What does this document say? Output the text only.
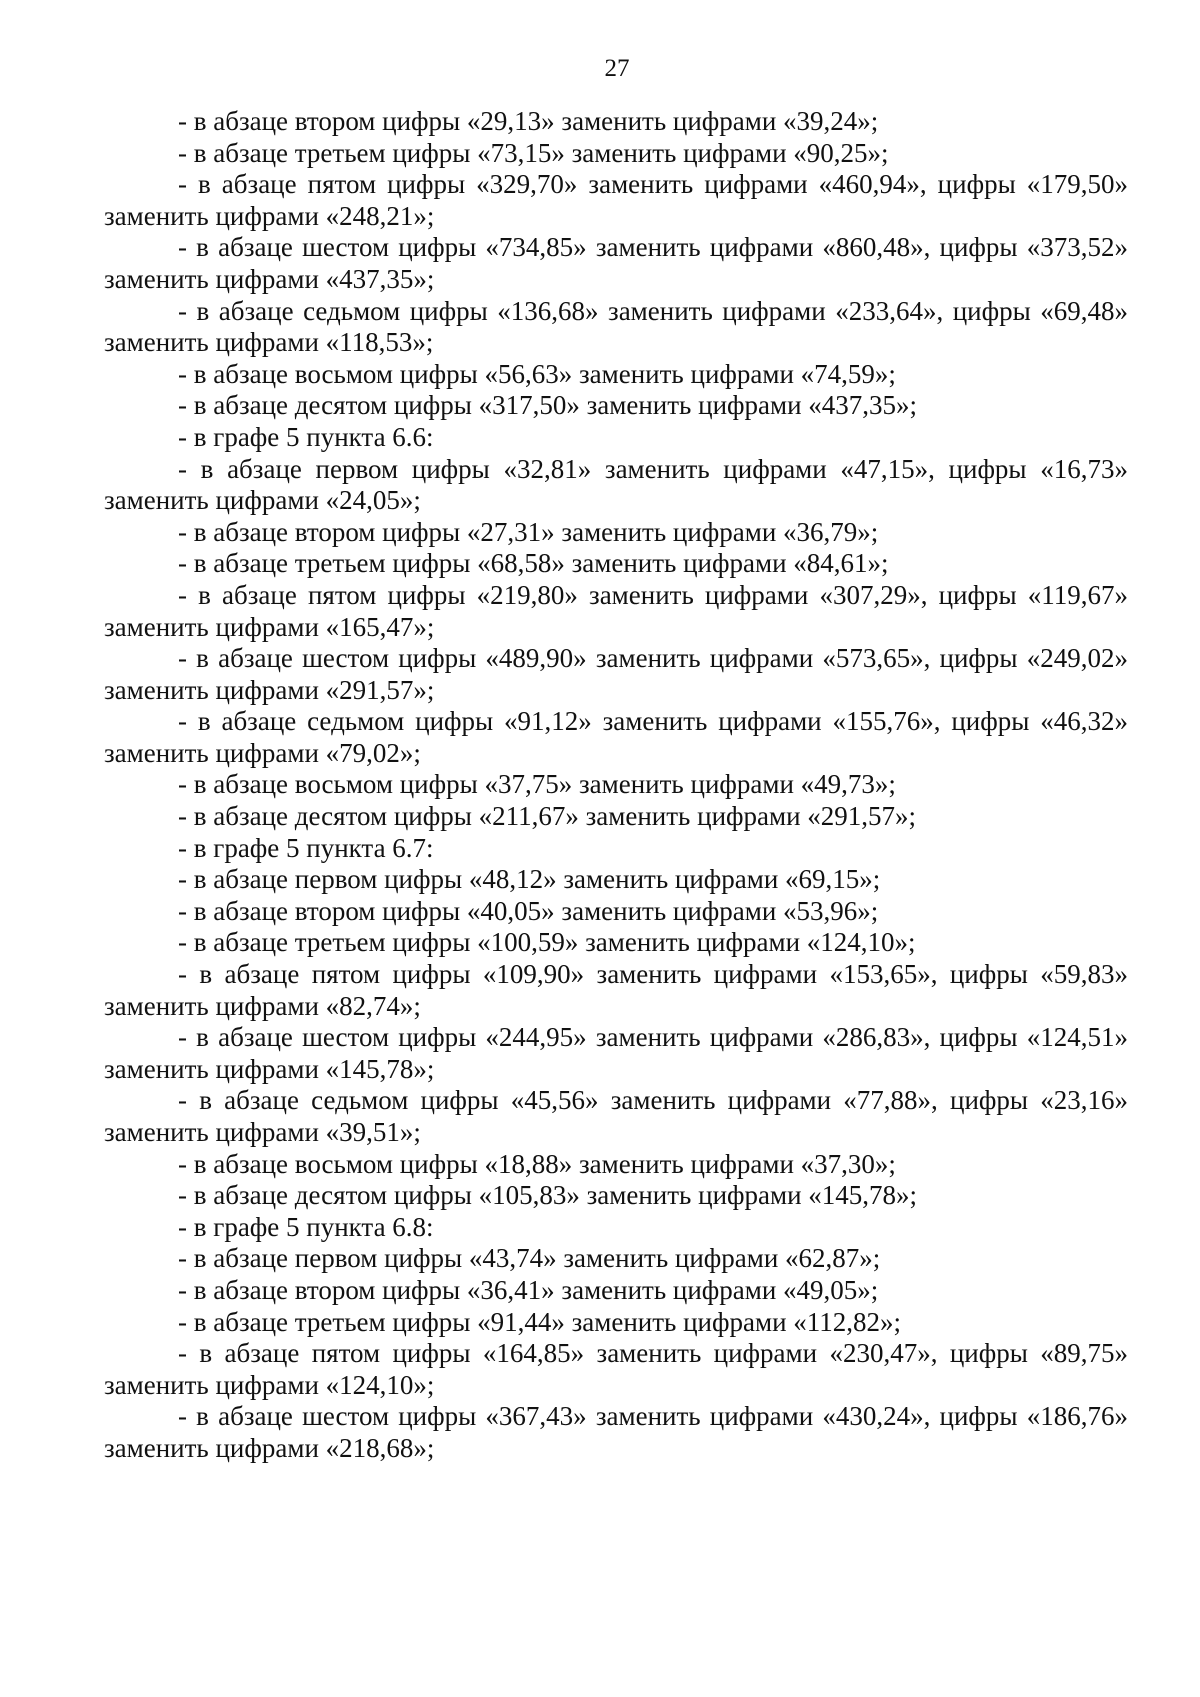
27

- в абзаце втором цифры «29,13» заменить цифрами «39,24»;

- в абзаце третьем цифры «73,15» заменить цифрами «90,25»;

- в абзаце пятом цифры «329,70» заменить цифрами «460,94», цифры «179,50» заменить цифрами «248,21»;

- в абзаце шестом цифры «734,85» заменить цифрами «860,48», цифры «373,52» заменить цифрами «437,35»;

- в абзаце седьмом цифры «136,68» заменить цифрами «233,64», цифры «69,48» заменить цифрами «118,53»;

- в абзаце восьмом цифры «56,63» заменить цифрами «74,59»;

- в абзаце десятом цифры «317,50» заменить цифрами «437,35»;

- в графе 5 пункта 6.6:

- в абзаце первом цифры «32,81» заменить цифрами «47,15», цифры «16,73» заменить цифрами «24,05»;

- в абзаце втором цифры «27,31» заменить цифрами «36,79»;

- в абзаце третьем цифры «68,58» заменить цифрами «84,61»;

- в абзаце пятом цифры «219,80» заменить цифрами «307,29», цифры «119,67» заменить цифрами «165,47»;

- в абзаце шестом цифры «489,90» заменить цифрами «573,65», цифры «249,02» заменить цифрами «291,57»;

- в абзаце седьмом цифры «91,12» заменить цифрами «155,76», цифры «46,32» заменить цифрами «79,02»;

- в абзаце восьмом цифры «37,75» заменить цифрами «49,73»;

- в абзаце десятом цифры «211,67» заменить цифрами «291,57»;

- в графе 5 пункта 6.7:

- в абзаце первом цифры «48,12» заменить цифрами «69,15»;

- в абзаце втором цифры «40,05» заменить цифрами «53,96»;

- в абзаце третьем цифры «100,59» заменить цифрами «124,10»;

- в абзаце пятом цифры «109,90» заменить цифрами «153,65», цифры «59,83» заменить цифрами «82,74»;

- в абзаце шестом цифры «244,95» заменить цифрами «286,83», цифры «124,51» заменить цифрами «145,78»;

- в абзаце седьмом цифры «45,56» заменить цифрами «77,88», цифры «23,16» заменить цифрами «39,51»;

- в абзаце восьмом цифры «18,88» заменить цифрами «37,30»;

- в абзаце десятом цифры «105,83» заменить цифрами «145,78»;

- в графе 5 пункта 6.8:

- в абзаце первом цифры «43,74» заменить цифрами «62,87»;

- в абзаце втором цифры «36,41» заменить цифрами «49,05»;

- в абзаце третьем цифры «91,44» заменить цифрами «112,82»;

- в абзаце пятом цифры «164,85» заменить цифрами «230,47», цифры «89,75» заменить цифрами «124,10»;

- в абзаце шестом цифры «367,43» заменить цифрами «430,24», цифры «186,76» заменить цифрами «218,68»;
